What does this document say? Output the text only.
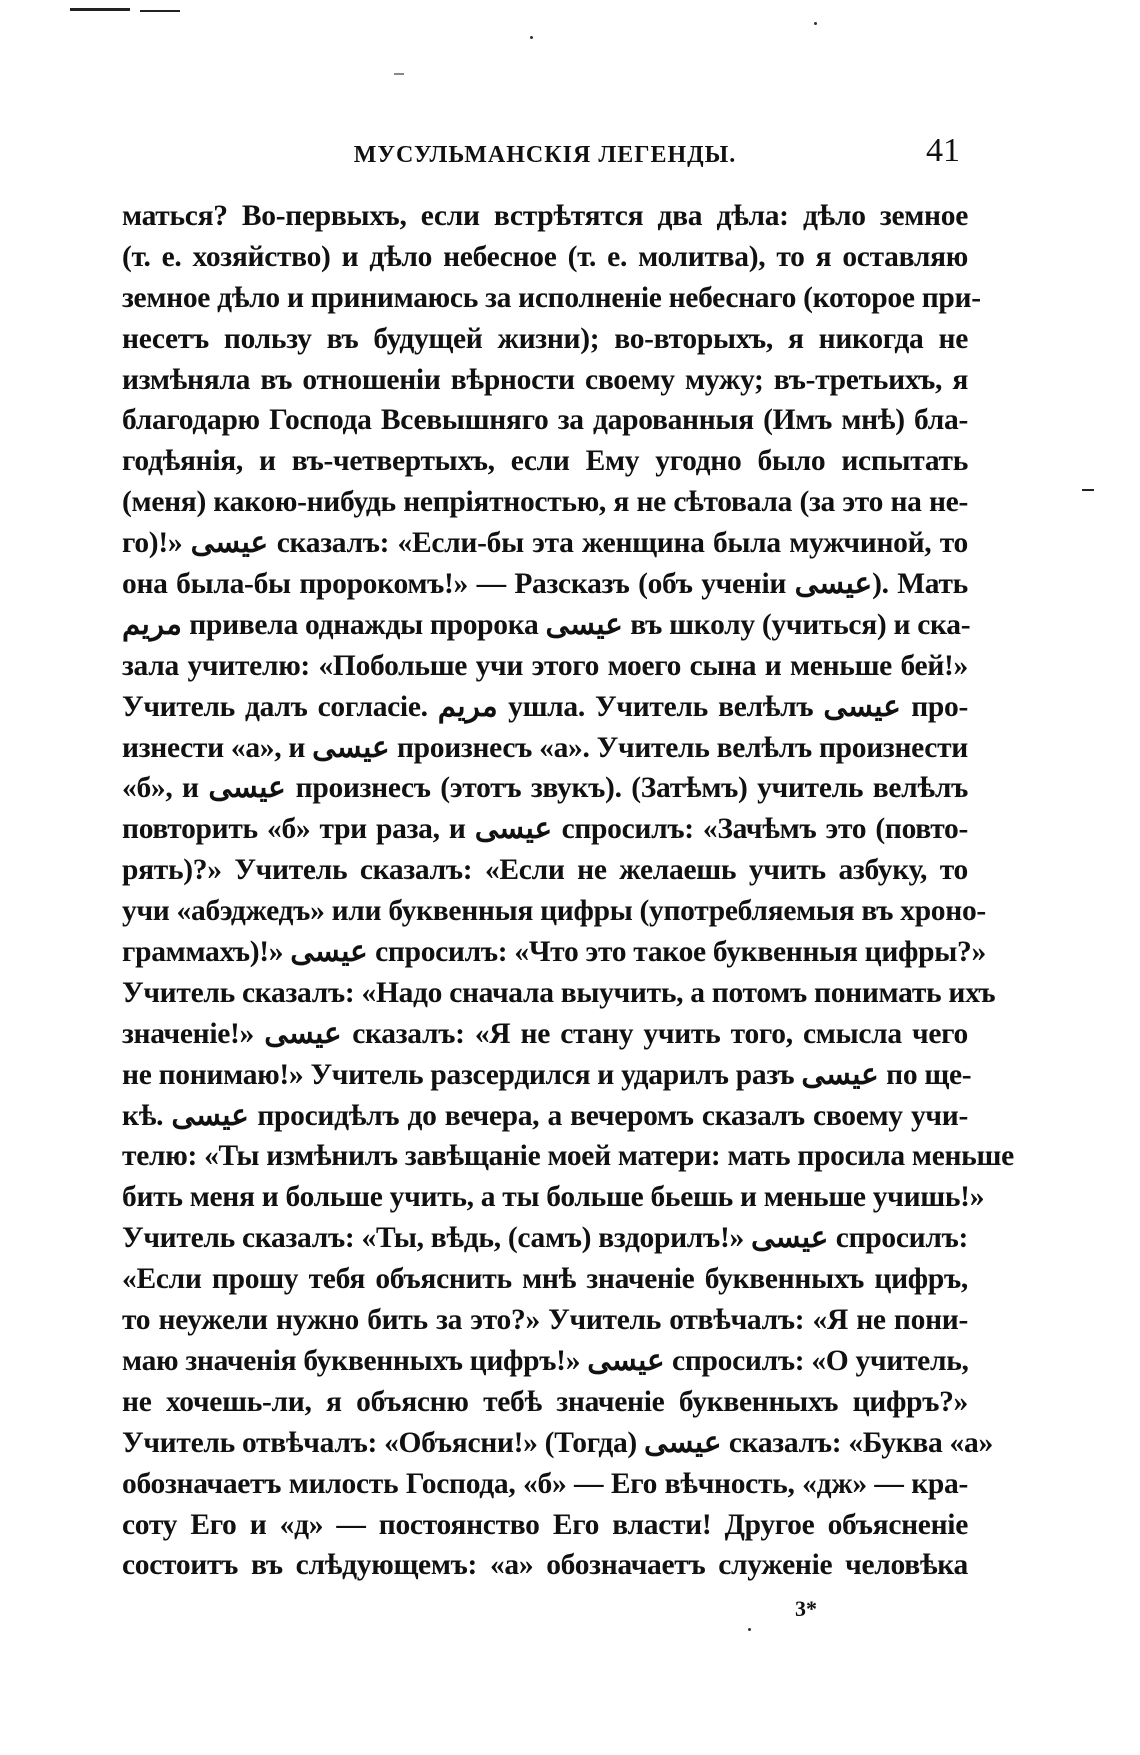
МУСУЛЬМАНСКІЯ ЛЕГЕНДЫ.	41
маться? Во-первыхъ, если встрѣтятся два дѣла: дѣло земное
(т. е. хозяйство) и дѣло небесное (т. е. молитва), то я оставляю
земное дѣло и принимаюсь за исполненіе небеснаго (которое при-
несетъ пользу въ будущей жизни); во-вторыхъ, я никогда не
измѣняла въ отношеніи вѣрности своему мужу; въ-третьихъ, я
благодарю Господа Всевышняго за дарованныя (Имъ мнѣ) бла-
годѣянія, и въ-четвертыхъ, если Ему угодно было испытать
(меня) какою-нибудь непріятностью, я не сѣтовала (за это на не-
го)!» عيسى сказалъ: «Если-бы эта женщина была мужчиной, то
она была-бы пророкомъ!» — Разсказъ (объ ученіи عيسى). Мать
مريم привела однажды пророка عيسى въ школу (учиться) и ска-
зала учителю: «Побольше учи этого моего сына и меньше бей!»
Учитель далъ согласіе. مريم ушла. Учитель велѣлъ عيسى про-
изнести «а», и عيسى произнесъ «а». Учитель велѣлъ произнести
«б», и عيسى произнесъ (этотъ звукъ). (Затѣмъ) учитель велѣлъ
повторить «б» три раза, и عيسى спросилъ: «Зачѣмъ это (повто-
рять)?» Учитель сказалъ: «Если не желаешь учить азбуку, то
учи «абэджедъ» или буквенныя цифры (употребляемыя въ хроно-
граммахъ)!» عيسى спросилъ: «Что это такое буквенныя цифры?»
Учитель сказалъ: «Надо сначала выучить, а потомъ понимать ихъ
значеніе!» عيسى сказалъ: «Я не стану учить того, смысла чего
не понимаю!» Учитель разсердился и ударилъ разъ عيسى по ще-
кѣ. عيسى просидѣлъ до вечера, а вечеромъ сказалъ своему учи-
телю: «Ты измѣнилъ завѣщаніе моей матери: мать просила меньше
бить меня и больше учить, а ты больше бьешь и меньше учишь!»
Учитель сказалъ: «Ты, вѣдь, (самъ) вздорилъ!» عيسى спросилъ:
«Если прошу тебя объяснить мнѣ значеніе буквенныхъ цифръ,
то неужели нужно бить за это?» Учитель отвѣчалъ: «Я не пони-
маю значенія буквенныхъ цифръ!» عيسى спросилъ: «О учитель,
не хочешь-ли, я объясню тебѣ значеніе буквенныхъ цифръ?»
Учитель отвѣчалъ: «Объясни!» (Тогда) عيسى сказалъ: «Буква «а»
обозначаетъ милость Господа, «б» — Его вѣчность, «дж» — кра-
соту Его и «д» — постоянство Его власти! Другое объясненіе
состоитъ въ слѣдующемъ: «а» обозначаетъ служеніе человѣка
3*
